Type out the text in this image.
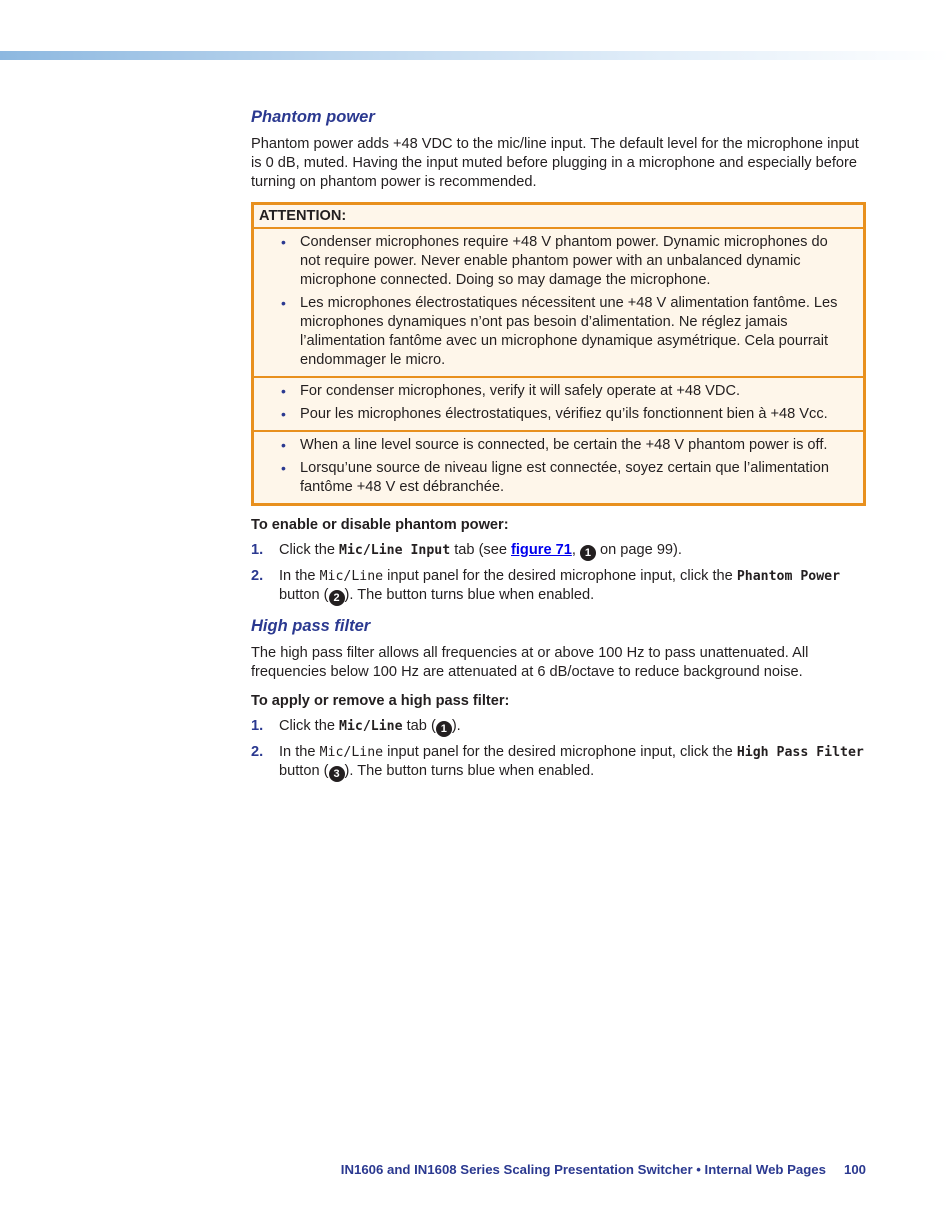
Phantom power

Phantom power adds +48 VDC to the mic/line input. The default level for the microphone input is 0 dB, muted. Having the input muted before plugging in a microphone and especially before turning on phantom power is recommended.

ATTENTION:
• Condenser microphones require +48 V phantom power. Dynamic microphones do not require power. Never enable phantom power with an unbalanced dynamic microphone connected. Doing so may damage the microphone.
• Les microphones électrostatiques nécessitent une +48 V alimentation fantôme. Les microphones dynamiques n’ont pas besoin d’alimentation. Ne réglez jamais l’alimentation fantôme avec un microphone dynamique asymétrique. Cela pourrait endommager le micro.
• For condenser microphones, verify it will safely operate at +48 VDC.
• Pour les microphones électrostatiques, vérifiez qu’ils fonctionnent bien à +48 Vcc.
• When a line level source is connected, be certain the +48 V phantom power is off.
• Lorsqu’une source de niveau ligne est connectée, soyez certain que l’alimentation fantôme +48 V est débranchée.

To enable or disable phantom power:

1. Click the Mic/Line Input tab (see figure 71, 1 on page 99).
2. In the Mic/Line input panel for the desired microphone input, click the Phantom Power
button ( 2 ). The button turns blue when enabled.
High pass filter

The high pass filter allows all frequencies at or above 100 Hz to pass unattenuated. All frequencies below 100 Hz are attenuated at 6 dB/octave to reduce background noise.

To apply or remove a high pass filter:

1. Click the Mic/Line tab ( 1 ).
2. In the Mic/Line input panel for the desired microphone input, click the High Pass Filter button ( 3 ). The button turns blue when enabled.
IN1606 and IN1608 Series Scaling Presentation Switcher • Internal Web Pages 100
